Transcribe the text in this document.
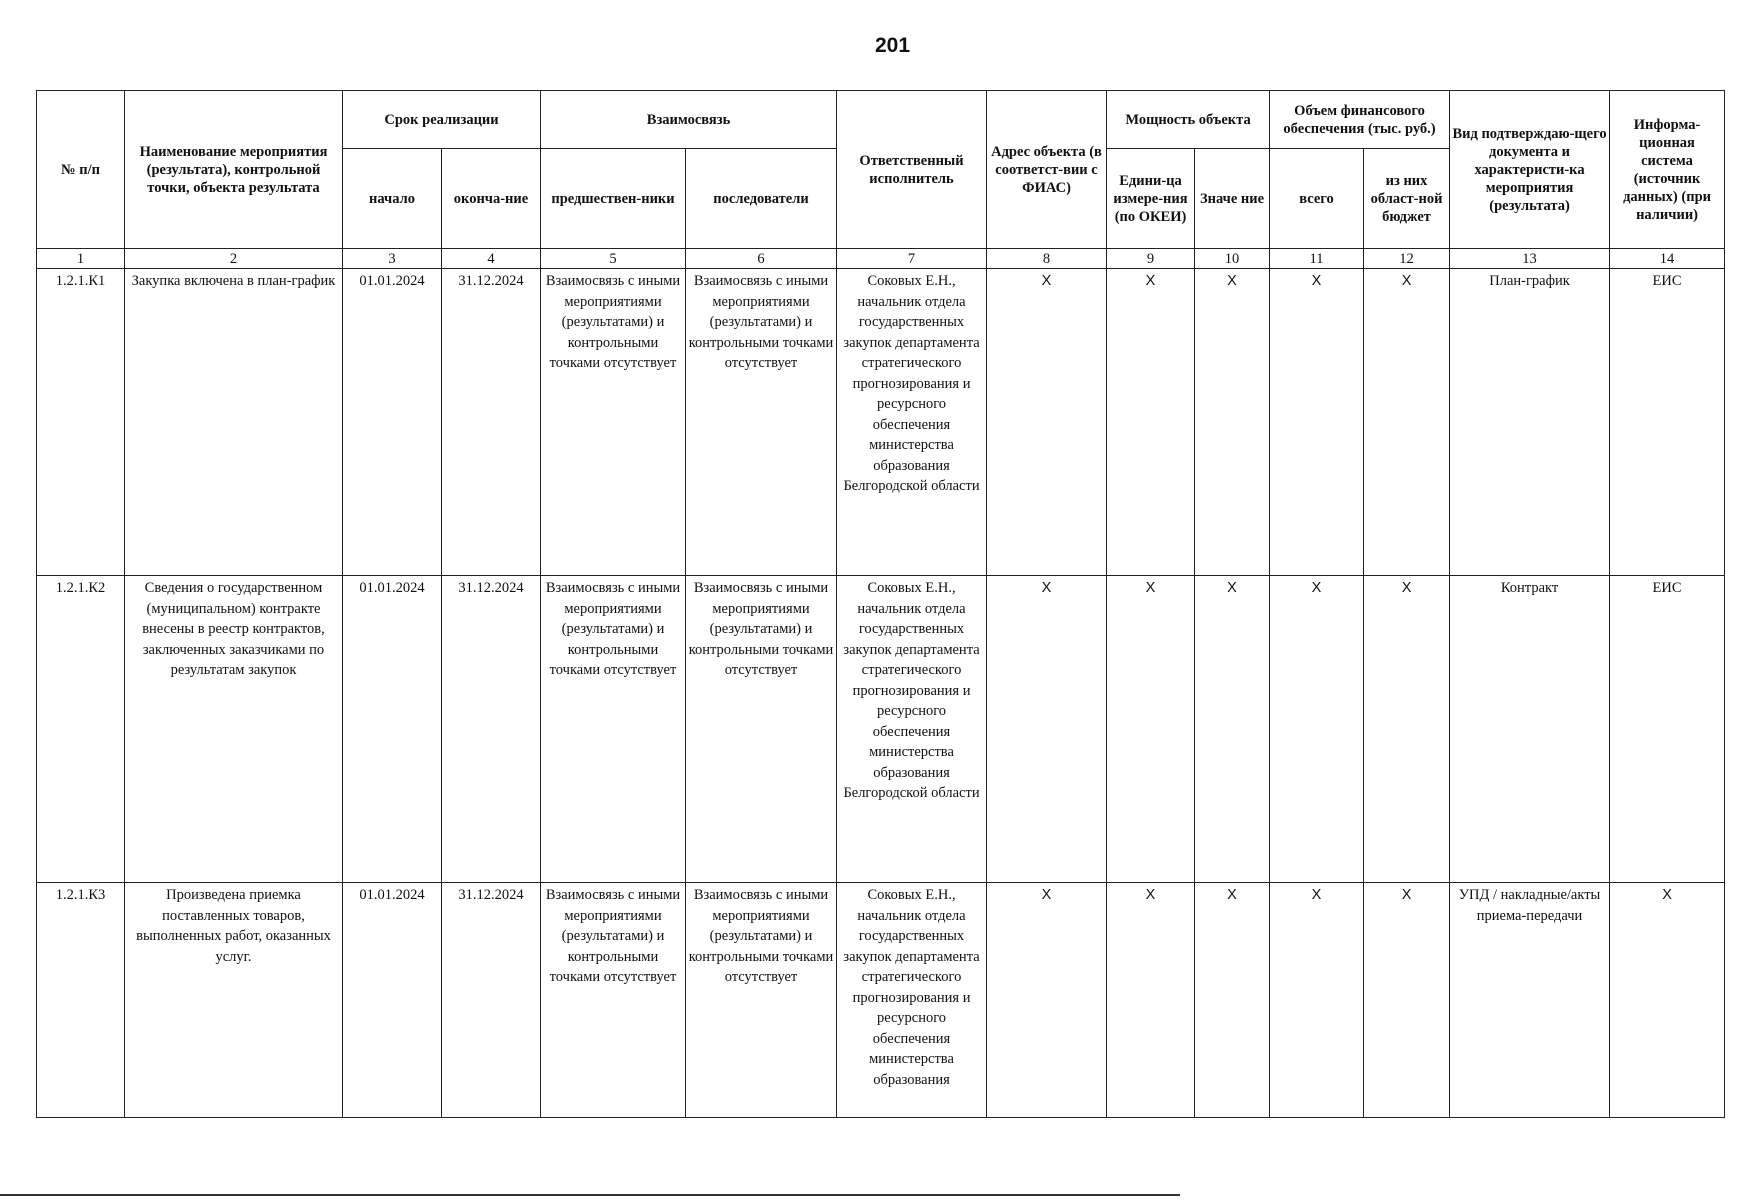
201
№ п/п	Наименование мероприятия (результата), контрольной точки, объекта результата	Срок реализации		Взаимосвязь		Ответственный исполнитель	Адрес объекта (в соответст-вии с ФИАС)	Мощность объекта		Объем финансового обеспечения (тыс. руб.)		Вид подтверждаю-щего документа и характеристи-ка мероприятия (результата)	Информа-ционная система (источник данных) (при наличии)
		начало	оконча-ние	предшествен-ники	последователи			Едини-ца измере-ния (по ОКЕИ)	Значе ние	всего	из них област-ной бюджет		
1	2	3	4	5	6	7	8	9	10	11	12	13	14
1.2.1.К1	Закупка включена в план-график	01.01.2024	31.12.2024	Взаимосвязь с иными мероприятиями (результатами) и контрольными точками отсутствует	Взаимосвязь с иными мероприятиями (результатами) и контрольными точками отсутствует	Соковых Е.Н., начальник отдела государственных закупок департамента стратегического прогнозирования и ресурсного обеспечения министерства образования Белгородской области	X	X	X	X	X	План-график	ЕИС
1.2.1.К2	Сведения о государственном (муниципальном) контракте внесены в реестр контрактов, заключенных заказчиками по результатам закупок	01.01.2024	31.12.2024	Взаимосвязь с иными мероприятиями (результатами) и контрольными точками отсутствует	Взаимосвязь с иными мероприятиями (результатами) и контрольными точками отсутствует	Соковых Е.Н., начальник отдела государственных закупок департамента стратегического прогнозирования и ресурсного обеспечения министерства образования Белгородской области	X	X	X	X	X	Контракт	ЕИС
1.2.1.К3	Произведена приемка поставленных товаров, выполненных работ, оказанных услуг.	01.01.2024	31.12.2024	Взаимосвязь с иными мероприятиями (результатами) и контрольными точками отсутствует	Взаимосвязь с иными мероприятиями (результатами) и контрольными точками отсутствует	Соковых Е.Н., начальник отдела государственных закупок департамента стратегического прогнозирования и ресурсного обеспечения министерства образования	X	X	X	X	X	УПД / накладные/акты приема-передачи	X
